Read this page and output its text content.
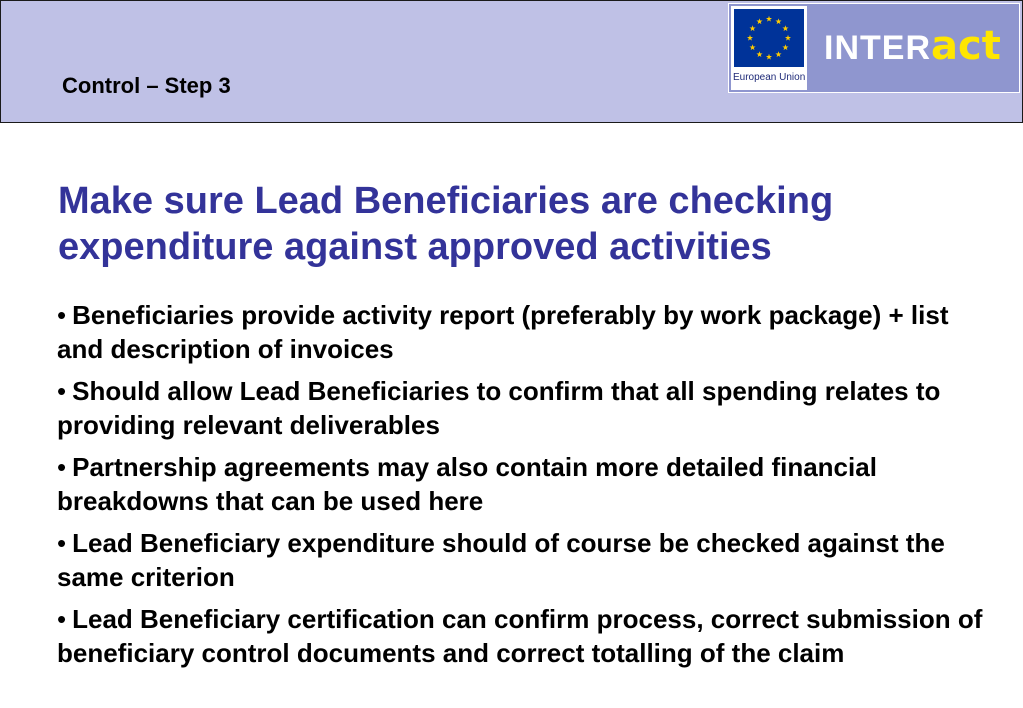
Control – Step 3	European Union
INTERact
Make sure Lead Beneficiaries are checking
expenditure against approved activities
• Beneficiaries provide activity report (preferably by work package) + list and description of invoices
• Should allow Lead Beneficiaries to confirm that all spending relates to providing relevant deliverables
• Partnership agreements may also contain more detailed financial breakdowns that can be used here
• Lead Beneficiary expenditure should of course be checked against the same criterion
• Lead Beneficiary certification can confirm process, correct submission of beneficiary control documents and correct totalling of the claim
